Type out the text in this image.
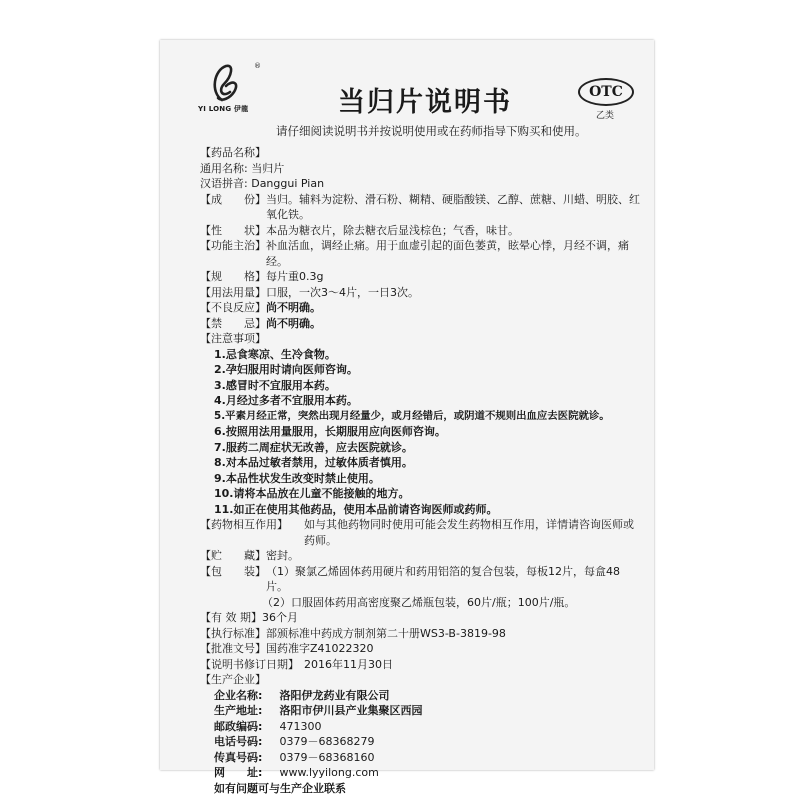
®
YI LONG 伊龍	当归片说明书	OTC
乙类
请仔细阅读说明书并按说明使用或在药师指导下购买和使用。
【药品名称】
通用名称: 当归片
汉语拼音: Danggui Pian
【成　　份】 当归。辅料为淀粉、滑石粉、糊精、硬脂酸镁、乙醇、蔗糖、川蜡、明胶、红氧化铁。
【性　　状】 本品为糖衣片，除去糖衣后显浅棕色；气香，味甘。
【功能主治】 补血活血，调经止痛。用于血虚引起的面色萎黄，眩晕心悸，月经不调，痛经。
【规　　格】 每片重0.3g
【用法用量】 口服，一次3～4片，一日3次。
【不良反应】 尚不明确。
【禁　　忌】 尚不明确。
【注意事项】
1.忌食寒凉、生冷食物。
2.孕妇服用时请向医师咨询。
3.感冒时不宜服用本药。
4.月经过多者不宜服用本药。
5.平素月经正常，突然出现月经量少，或月经错后，或阴道不规则出血应去医院就诊。
6.按照用法用量服用，长期服用应向医师咨询。
7.服药二周症状无改善，应去医院就诊。
8.对本品过敏者禁用，过敏体质者慎用。
9.本品性状发生改变时禁止使用。
10.请将本品放在儿童不能接触的地方。
11.如正在使用其他药品，使用本品前请咨询医师或药师。
【药物相互作用】	如与其他药物同时使用可能会发生药物相互作用，详情请咨询医师或药师。
【贮　　藏】 密封。
【包　　装】 （1）聚氯乙烯固体药用硬片和药用铝箔的复合包装，每板12片，每盒48片。
（2）口服固体药用高密度聚乙烯瓶包装，60片/瓶；100片/瓶。
【有 效 期】 36个月
【执行标准】 部颁标准中药成方制剂第二十册WS3-B-3819-98
【批准文号】 国药准字Z41022320
【说明书修订日期】 2016年11月30日
【生产企业】
企业名称: 洛阳伊龙药业有限公司
生产地址: 洛阳市伊川县产业集聚区西园
邮政编码: 471300
电话号码: 0379－68368279
传真号码: 0379－68368160
网　　址: www.lyyilong.com
如有问题可与生产企业联系
